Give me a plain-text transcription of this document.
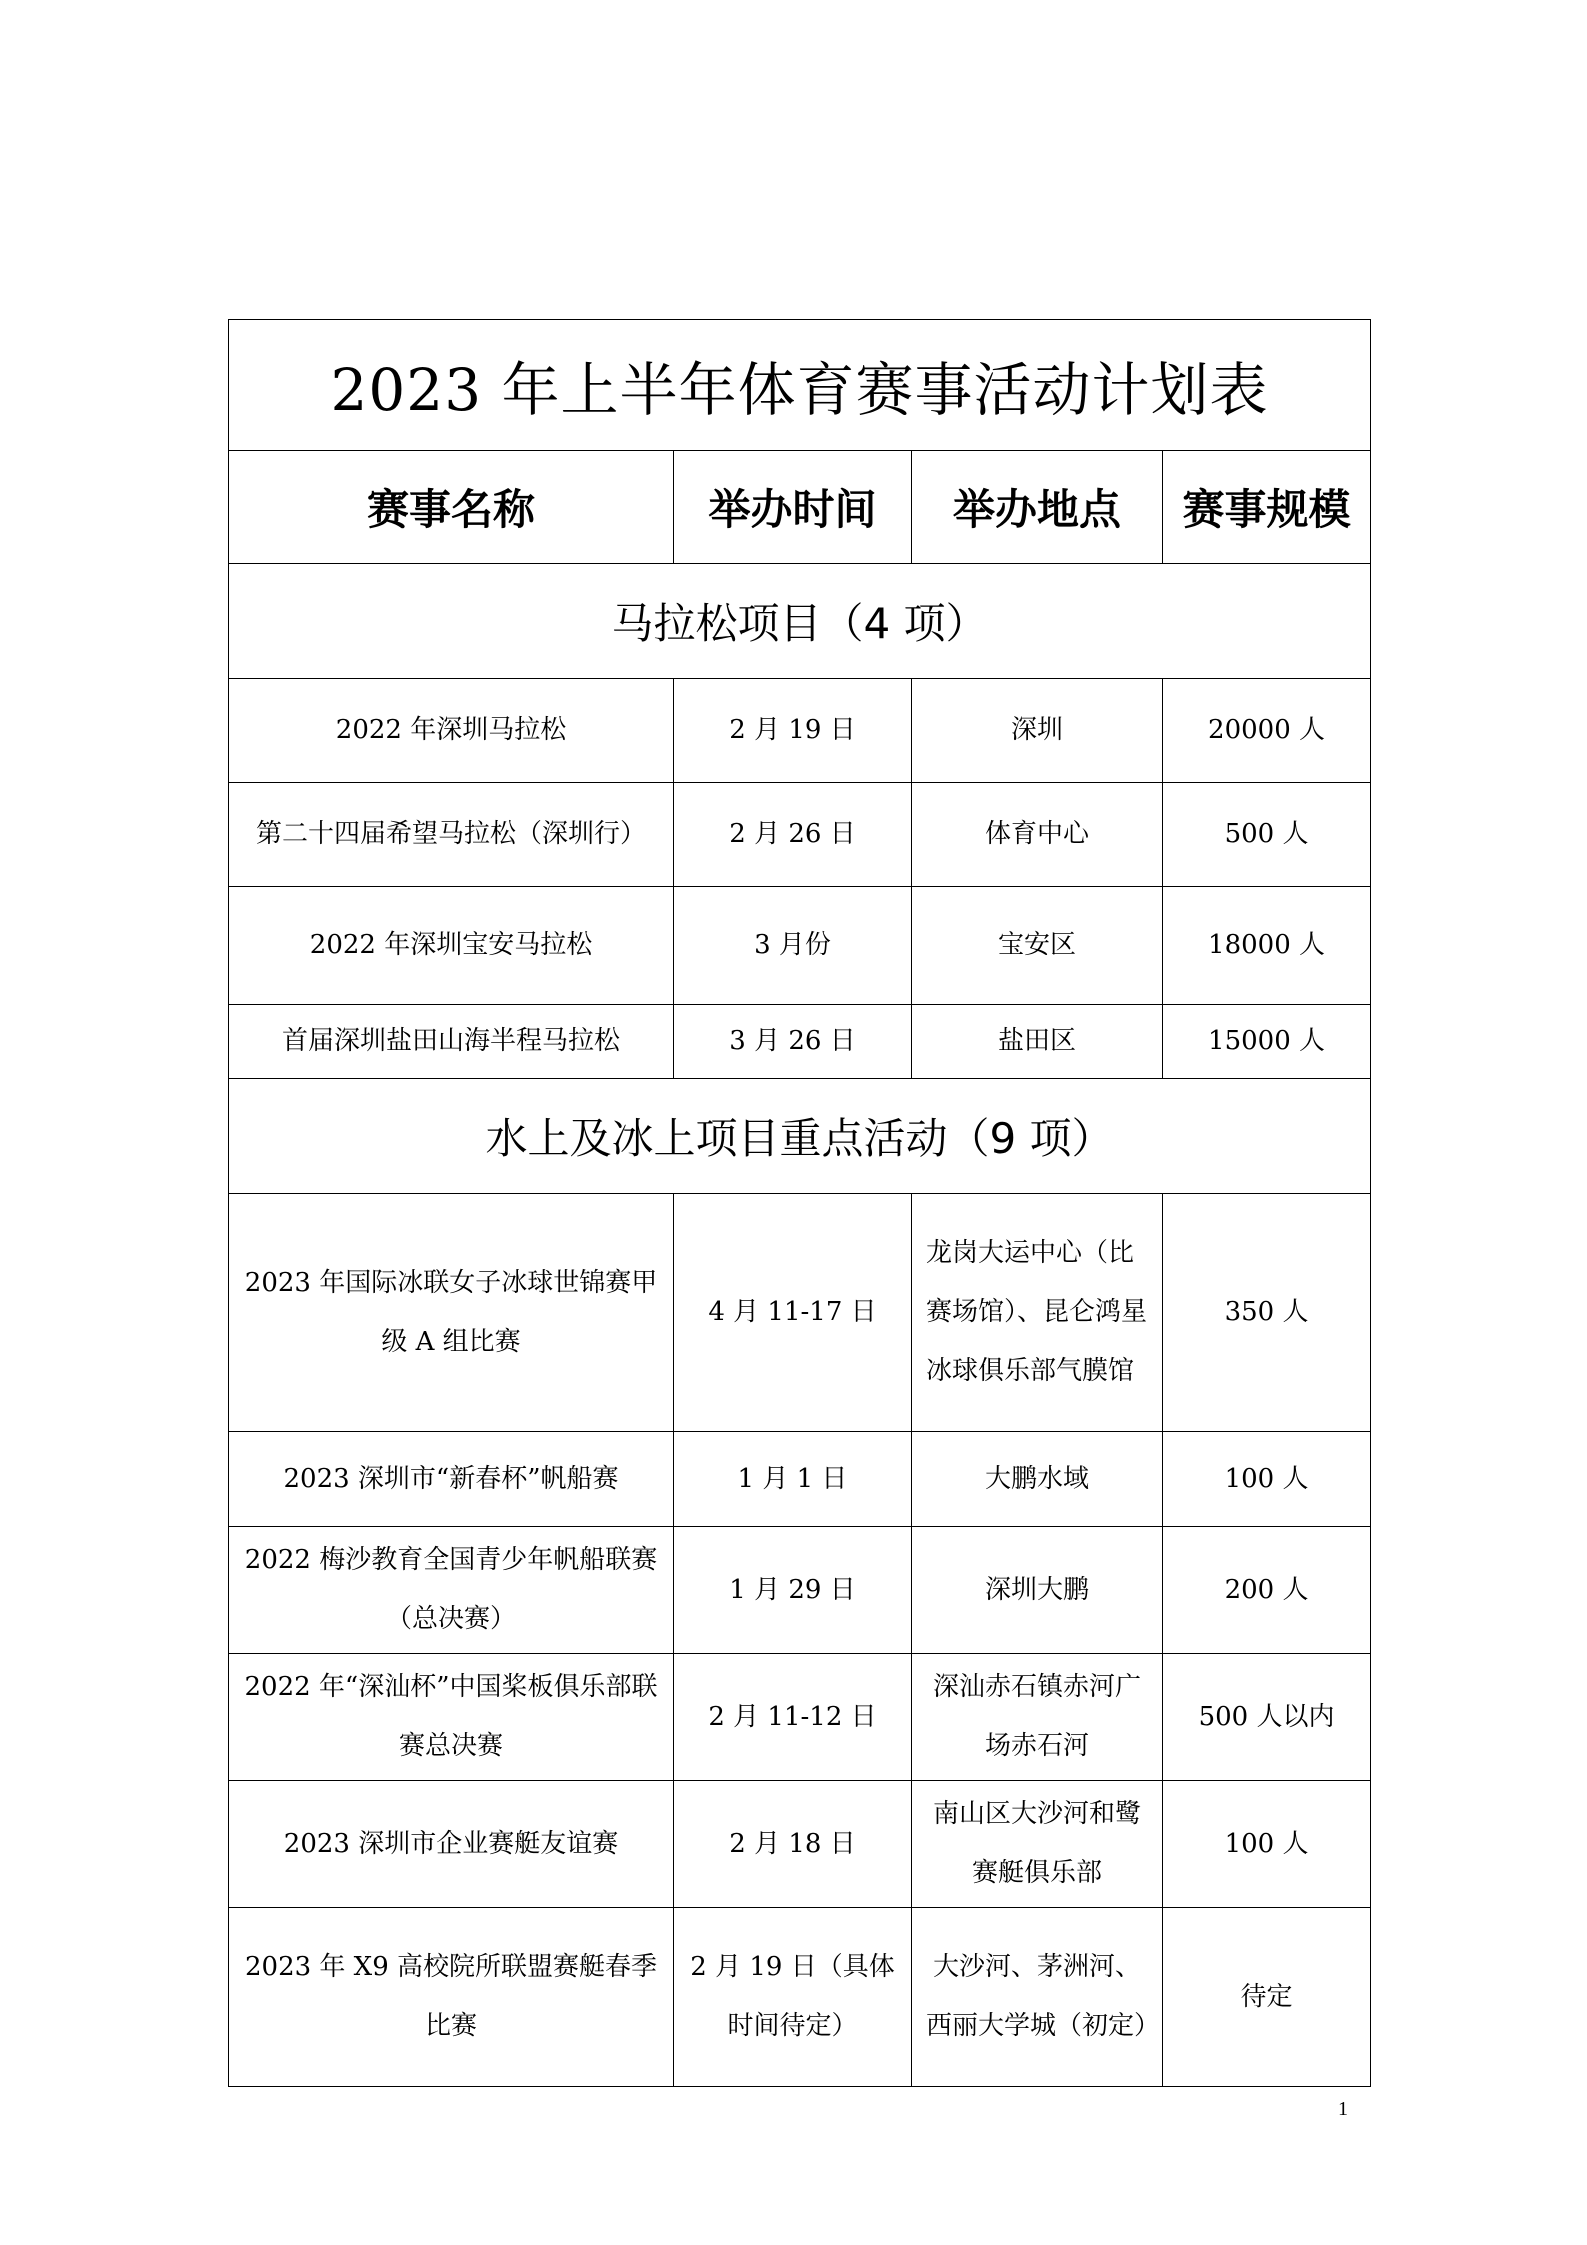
2023 年上半年体育赛事活动计划表			
赛事名称	举办时间	举办地点	赛事规模
马拉松项目（4 项）			
2022 年深圳马拉松	2 月 19 日	深圳	20000 人
第二十四届希望马拉松（深圳行）	2 月 26 日	体育中心	500 人
2022 年深圳宝安马拉松	3 月份	宝安区	18000 人
首届深圳盐田山海半程马拉松	3 月 26 日	盐田区	15000 人
水上及冰上项目重点活动（9 项）			
2023 年国际冰联女子冰球世锦赛甲级 A 组比赛	4 月 11-17 日	龙岗大运中心（比赛场馆）、昆仑鸿星冰球俱乐部气膜馆	350 人
2023 深圳市“新春杯”帆船赛	1 月 1 日	大鹏水域	100 人
2022 梅沙教育全国青少年帆船联赛（总决赛）	1 月 29 日	深圳大鹏	200 人
2022 年“深汕杯”中国桨板俱乐部联赛总决赛	2 月 11-12 日	深汕赤石镇赤河广场赤石河	500 人以内
2023 深圳市企业赛艇友谊赛	2 月 18 日	南山区大沙河和鹭赛艇俱乐部	100 人
2023 年 X9 高校院所联盟赛艇春季比赛	2 月 19 日（具体时间待定）	大沙河、茅洲河、西丽大学城（初定）	待定
1
